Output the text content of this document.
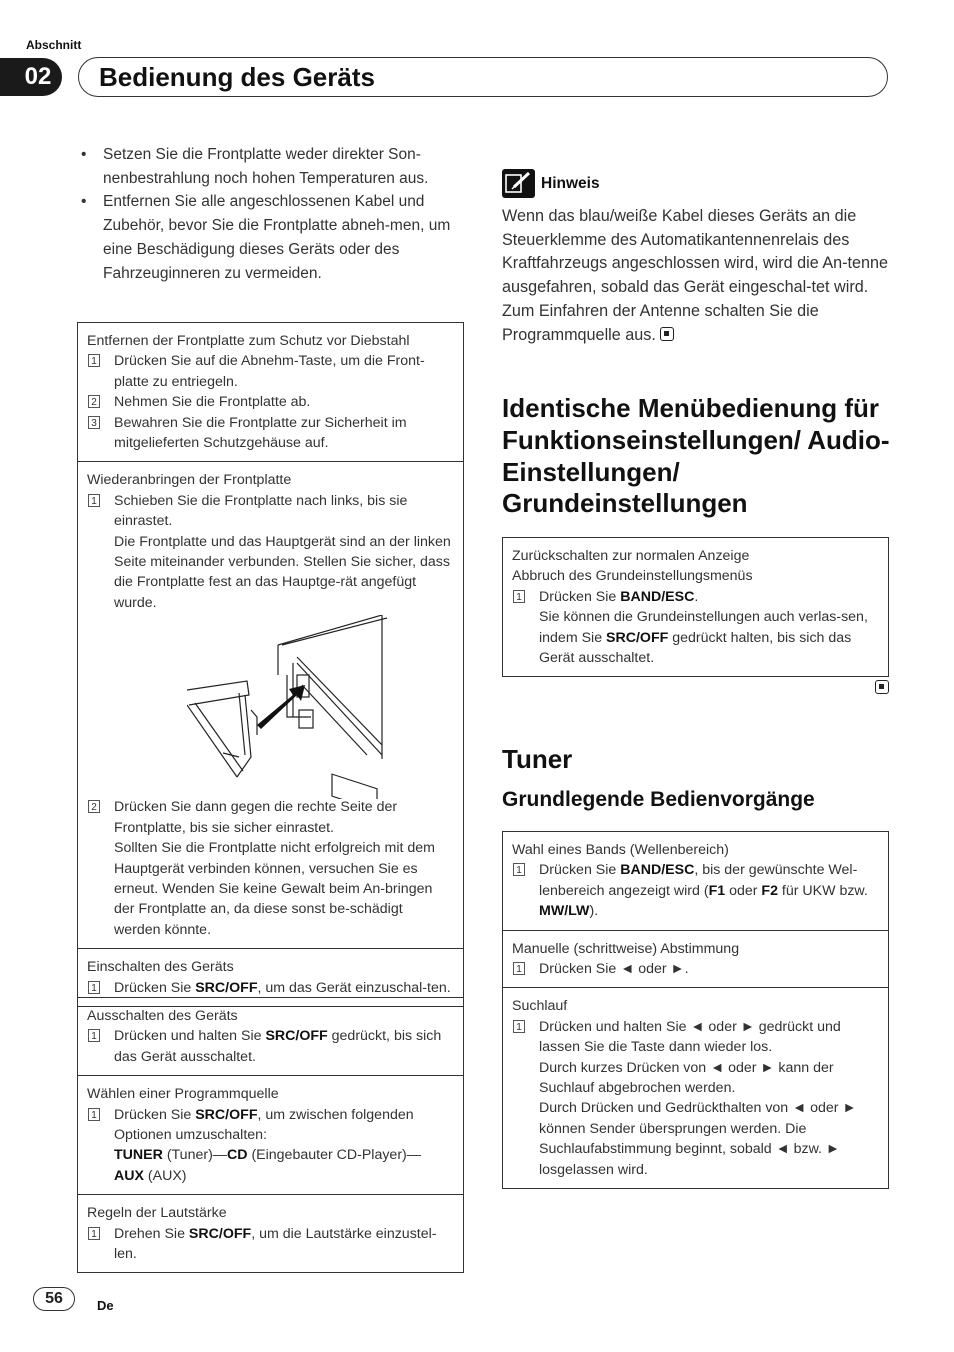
Abschnitt
02	Bedienung des Geräts
• Setzen Sie die Frontplatte weder direkter Son-nenbestrahlung noch hohen Temperaturen aus.
• Entfernen Sie alle angeschlossenen Kabel und Zubehör, bevor Sie die Frontplatte abneh-men, um eine Beschädigung dieses Geräts oder des Fahrzeuginneren zu vermeiden.

Entfernen der Frontplatte zum Schutz vor Diebstahl

1 Drücken Sie auf die Abnehm-Taste, um die Front-platte zu entriegeln.
2 Nehmen Sie die Frontplatte ab.
3 Bewahren Sie die Frontplatte zur Sicherheit im mitgelieferten Schutzgehäuse auf.

Wiederanbringen der Frontplatte

1 Schieben Sie die Frontplatte nach links, bis sie einrastet.
Die Frontplatte und das Hauptgerät sind an der linken Seite miteinander verbunden. Stellen Sie sicher, dass die Frontplatte fest an das Hauptge-rät angefügt wurde.
2 Drücken Sie dann gegen die rechte Seite der Frontplatte, bis sie sicher einrastet.
Sollten Sie die Frontplatte nicht erfolgreich mit dem Hauptgerät verbinden können, versuchen Sie es erneut. Wenden Sie keine Gewalt beim An-bringen der Frontplatte an, da diese sonst be-schädigt werden könnte.

Einschalten des Geräts

1 Drücken Sie SRC/OFF, um das Gerät einzuschal-ten.

Ausschalten des Geräts

1 Drücken und halten Sie SRC/OFF gedrückt, bis sich das Gerät ausschaltet.

Wählen einer Programmquelle

1 Drücken Sie SRC/OFF, um zwischen folgenden Optionen umzuschalten:
TUNER (Tuner)—CD (Eingebauter CD-Player)—
AUX (AUX)

Regeln der Lautstärke

1 Drehen Sie SRC/OFF, um die Lautstärke einzustel-len.
Hinweis
Wenn das blau/weiße Kabel dieses Geräts an die Steuerklemme des Automatikantennenrelais des Kraftfahrzeugs angeschlossen wird, wird die An-tenne ausgefahren, sobald das Gerät eingeschal-tet wird. Zum Einfahren der Antenne schalten Sie die Programmquelle aus.
Identische Menübedienung für Funktionseinstellungen/ Audio-Einstellungen/ Grundeinstellungen

Zurückschalten zur normalen Anzeige

Abbruch des Grundeinstellungsmenüs

1 Drücken Sie BAND/ESC.
Sie können die Grundeinstellungen auch verlas-sen, indem Sie SRC/OFF gedrückt halten, bis sich das Gerät ausschaltet.
Tuner
Grundlegende Bedienvorgänge

Wahl eines Bands (Wellenbereich)

1 Drücken Sie BAND/ESC, bis der gewünschte Wel-lenbereich angezeigt wird (F1 oder F2 für UKW bzw. MW/LW).

Manuelle (schrittweise) Abstimmung

1 Drücken Sie ◄ oder ►.

Suchlauf

1 Drücken und halten Sie ◄ oder ► gedrückt und lassen Sie die Taste dann wieder los.
Durch kurzes Drücken von ◄ oder ► kann der Suchlauf abgebrochen werden.
Durch Drücken und Gedrückthalten von ◄ oder ► können Sender übersprungen werden. Die Suchlaufabstimmung beginnt, sobald ◄ bzw. ► losgelassen wird.
56	De
